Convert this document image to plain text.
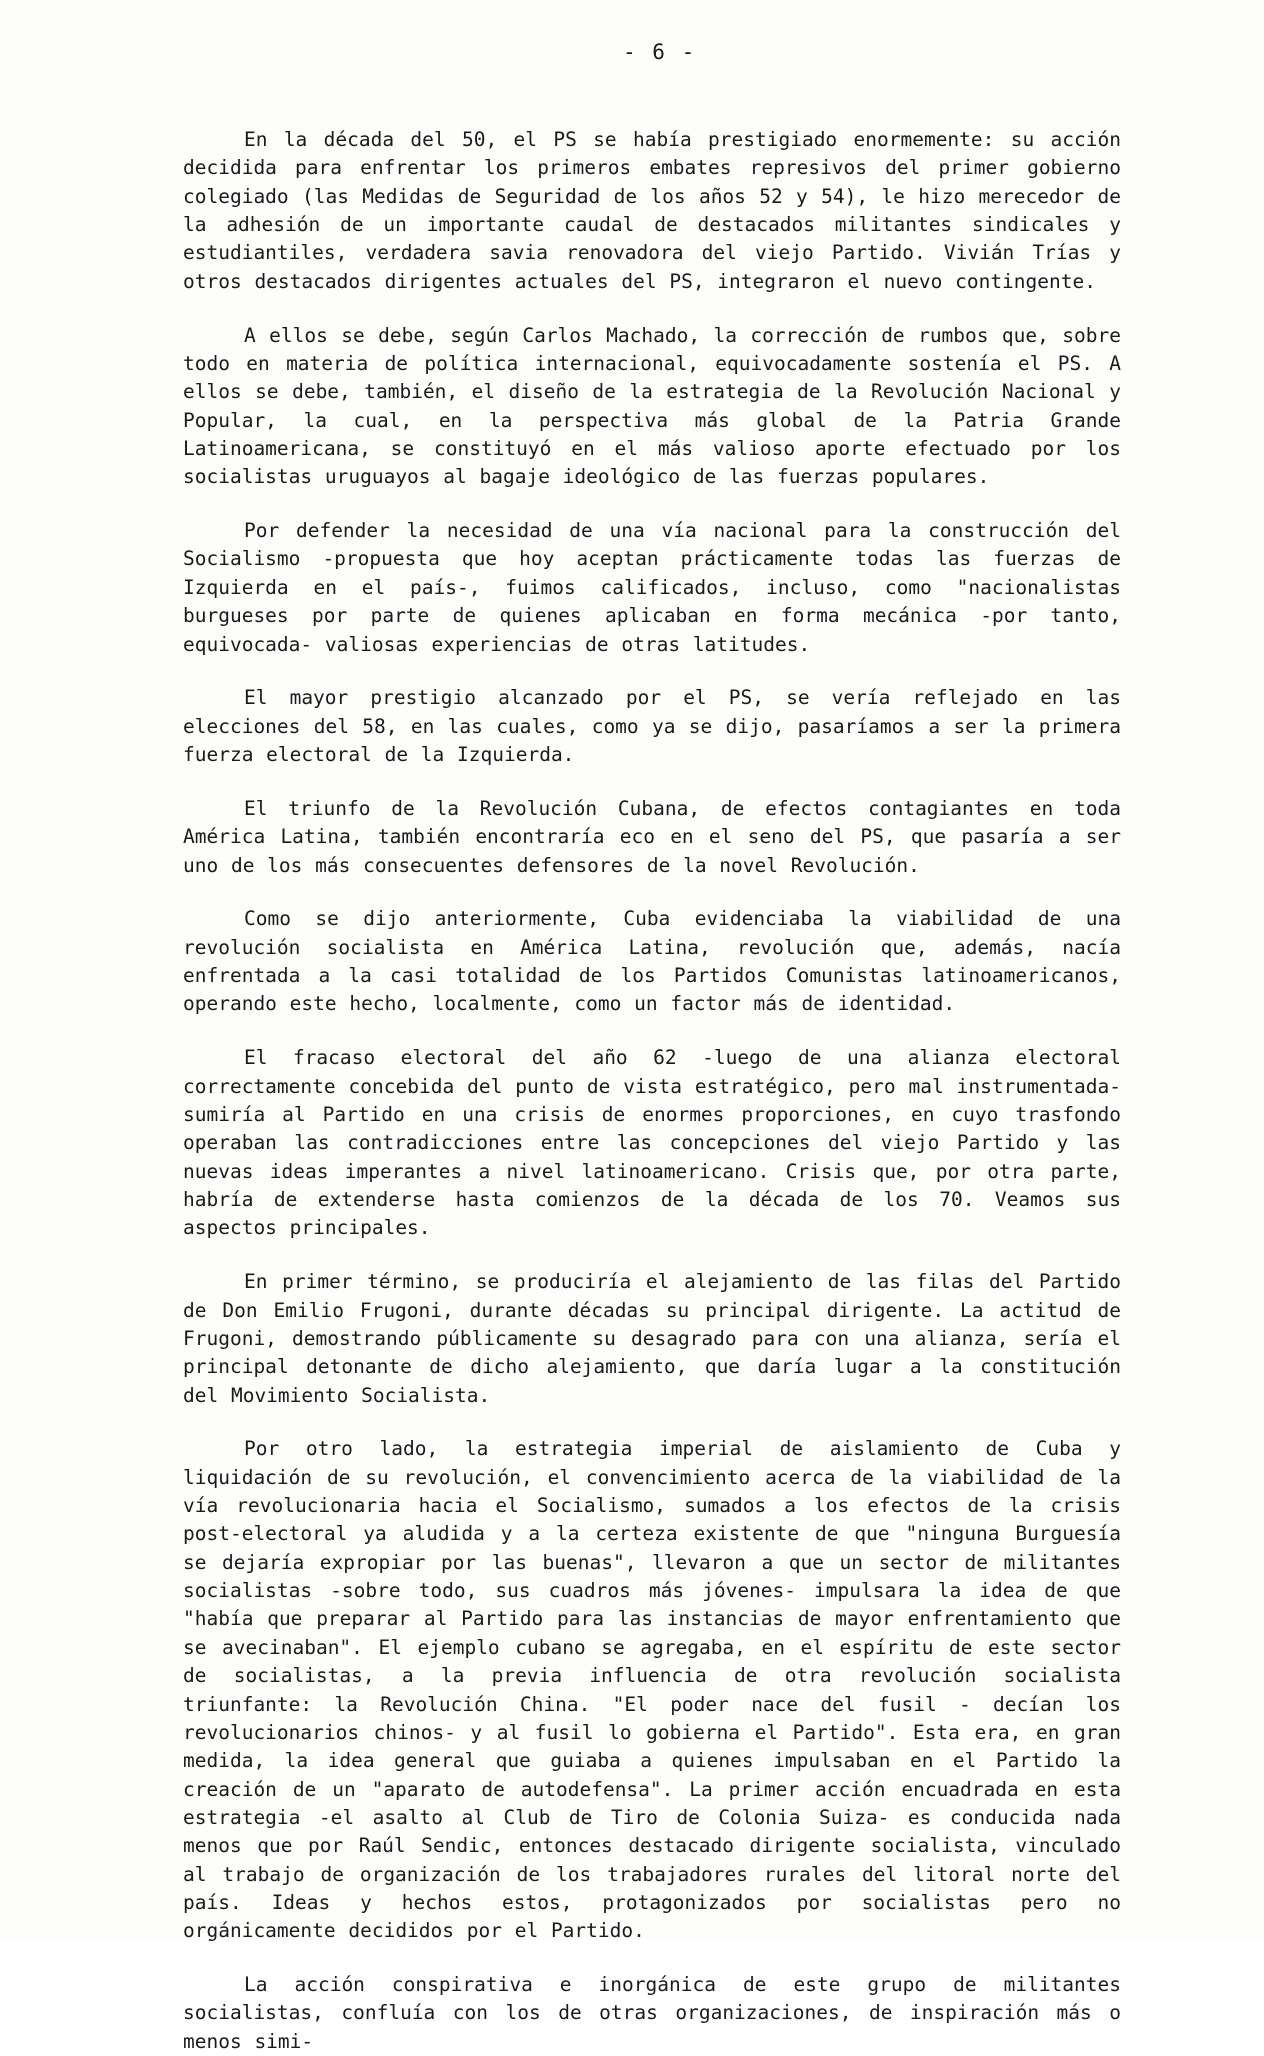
- 6 -

En la década del 50, el PS se había prestigiado enormemente: su acción decidida para enfrentar los primeros embates represivos del primer gobierno colegiado (las Medidas de Seguridad de los años 52 y 54), le hizo merecedor de la adhesión de un importante caudal de destacados militantes sindicales y estudiantiles, verdadera savia renovadora del viejo Partido. Vivián Trías y otros destacados dirigentes actuales del PS, integraron el nuevo contingente.

A ellos se debe, según Carlos Machado, la corrección de rumbos que, sobre todo en materia de política internacional, equivocadamente sostenía el PS. A ellos se debe, también, el diseño de la estrategia de la Revolución Nacional y Popular, la cual, en la perspectiva más global de la Patria Grande Latinoamericana, se constituyó en el más valioso aporte efectuado por los socialistas uruguayos al bagaje ideológico de las fuerzas populares.

Por defender la necesidad de una vía nacional para la construcción del Socialismo -propuesta que hoy aceptan prácticamente todas las fuerzas de Izquierda en el país-, fuimos calificados, incluso, como "nacionalistas burgueses por parte de quienes aplicaban en forma mecánica -por tanto, equivocada- valiosas experiencias de otras latitudes.

El mayor prestigio alcanzado por el PS, se vería reflejado en las elecciones del 58, en las cuales, como ya se dijo, pasaríamos a ser la primera fuerza electoral de la Izquierda.

El triunfo de la Revolución Cubana, de efectos contagiantes en toda América Latina, también encontraría eco en el seno del PS, que pasaría a ser uno de los más consecuentes defensores de la novel Revolución.

Como se dijo anteriormente, Cuba evidenciaba la viabilidad de una revolución socialista en América Latina, revolución que, además, nacía enfrentada a la casi totalidad de los Partidos Comunistas latinoamericanos, operando este hecho, localmente, como un factor más de identidad.

El fracaso electoral del año 62 -luego de una alianza electoral correctamente concebida del punto de vista estratégico, pero mal instrumentada- sumiría al Partido en una crisis de enormes proporciones, en cuyo trasfondo operaban las contradicciones entre las concepciones del viejo Partido y las nuevas ideas imperantes a nivel latinoamericano. Crisis que, por otra parte, habría de extenderse hasta comienzos de la década de los 70. Veamos sus aspectos principales.

En primer término, se produciría el alejamiento de las filas del Partido de Don Emilio Frugoni, durante décadas su principal dirigente. La actitud de Frugoni, demostrando públicamente su desagrado para con una alianza, sería el principal detonante de dicho alejamiento, que daría lugar a la constitución del Movimiento Socialista.

Por otro lado, la estrategia imperial de aislamiento de Cuba y liquidación de su revolución, el convencimiento acerca de la viabilidad de la vía revolucionaria hacia el Socialismo, sumados a los efectos de la crisis post-electoral ya aludida y a la certeza existente de que "ninguna Burguesía se dejaría expropiar por las buenas", llevaron a que un sector de militantes socialistas -sobre todo, sus cuadros más jóvenes- impulsara la idea de que "había que preparar al Partido para las instancias de mayor enfrentamiento que se avecinaban". El ejemplo cubano se agregaba, en el espíritu de este sector de socialistas, a la previa influencia de otra revolución socialista triunfante: la Revolución China. "El poder nace del fusil - decían los revolucionarios chinos- y al fusil lo gobierna el Partido". Esta era, en gran medida, la idea general que guiaba a quienes impulsaban en el Partido la creación de un "aparato de autodefensa". La primer acción encuadrada en esta estrategia -el asalto al Club de Tiro de Colonia Suiza- es conducida nada menos que por Raúl Sendic, entonces destacado dirigente socialista, vinculado al trabajo de organización de los trabajadores rurales del litoral norte del país. Ideas y hechos estos, protagonizados por socialistas pero no orgánicamente decididos por el Partido.

La acción conspirativa e inorgánica de este grupo de militantes socialistas, confluía con los de otras organizaciones, de inspiración más o menos simi-
